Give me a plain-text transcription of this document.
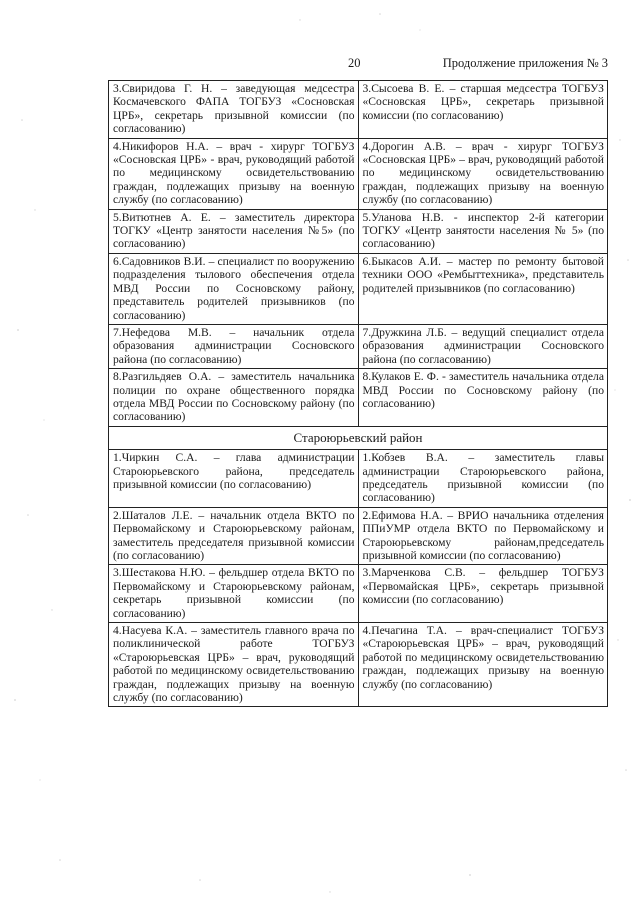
20	Продолжение приложения № 3
3.Свиридова Г. Н. – заведующая медсестра Космачевского ФАПА ТОГБУЗ «Сосновская ЦРБ», секретарь призывной комиссии (по согласованию)	3.Сысоева В. Е. – старшая медсестра ТОГБУЗ «Сосновская ЦРБ», секретарь призывной комиссии (по согласованию)
4.Никифоров Н.А. – врач - хирург ТОГБУЗ «Сосновская ЦРБ» - врач, руководящий работой по медицинскому освидетельствованию граждан, подлежащих призыву на военную службу (по согласованию)	4.Дорогин А.В. – врач - хирург ТОГБУЗ «Сосновская ЦРБ» – врач, руководящий работой по медицинскому освидетельствованию граждан, подлежащих призыву на военную службу (по согласованию)
5.Витютнев А. Е. – заместитель директора ТОГКУ «Центр занятости населения №5» (по согласованию)	5.Уланова Н.В. - инспектор 2-й категории ТОГКУ «Центр занятости населения № 5» (по согласованию)
6.Садовников В.И. – специалист по вооружению подразделения тылового обеспечения отдела МВД России по Сосновскому району, представитель родителей призывников (по согласованию)	6.Быкасов А.И. – мастер по ремонту бытовой техники ООО «Рембыттехника», представитель родителей призывников (по согласованию)
7.Нефедова М.В. – начальник отдела образования администрации Сосновского района (по согласованию)	7.Дружкина Л.Б. – ведущий специалист отдела образования администрации Сосновского района (по согласованию)
8.Разгильдяев О.А. – заместитель начальника полиции по охране общественного порядка отдела МВД России по Сосновскому району (по согласованию)	8.Кулаков Е. Ф. - заместитель начальника отдела МВД России по Сосновскому району (по согласованию)
Староюрьевский район	
1.Чиркин С.А. – глава администрации Староюрьевского района, председатель призывной комиссии (по согласованию)	1.Кобзев В.А. – заместитель главы администрации Староюрьевского района, председатель призывной комиссии (по согласованию)
2.Шаталов Л.Е. – начальник отдела ВКТО по Первомайскому и Староюрьевскому районам, заместитель председателя призывной комиссии (по согласованию)	2.Ефимова Н.А. – ВРИО начальника отделения ППиУМР отдела ВКТО по Первомайскому и Староюрьевскому районам,председатель призывной комиссии (по согласованию)
3.Шестакова Н.Ю. – фельдшер отдела ВКТО по Первомайскому и Староюрьевскому районам, секретарь призывной комиссии (по согласованию)	3.Марченкова С.В. – фельдшер ТОГБУЗ «Первомайская ЦРБ», секретарь призывной комиссии (по согласованию)
4.Насуева К.А. – заместитель главного врача по поликлинической работе ТОГБУЗ «Староюрьевская ЦРБ» – врач, руководящий работой по медицинскому освидетельствованию граждан, подлежащих призыву на военную службу (по согласованию)	4.Печагина Т.А. – врач-специалист ТОГБУЗ «Староюрьевская ЦРБ» – врач, руководящий работой по медицинскому освидетельствованию граждан, подлежащих призыву на военную службу (по согласованию)
